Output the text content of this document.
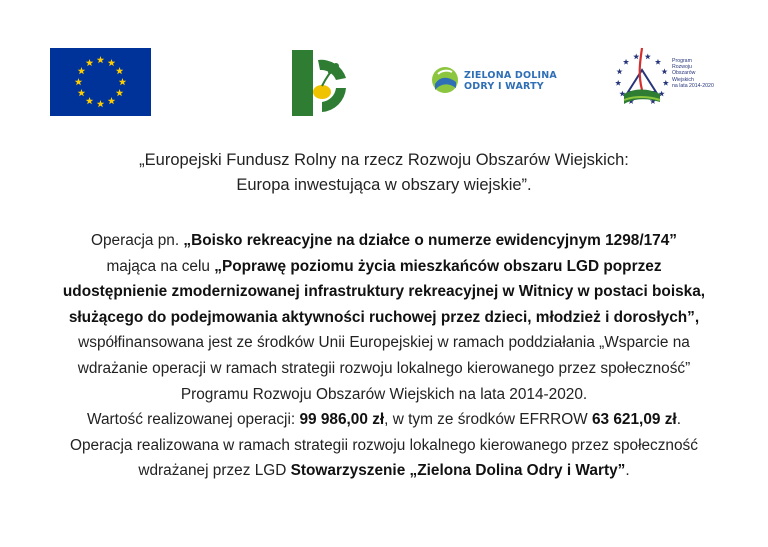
ZIELONA DOLINA
ODRY I WARTY
Program
Rozwoju
Obszarów
Wiejskich
na lata 2014-2020
„Europejski Fundusz Rolny na rzecz Rozwoju Obszarów Wiejskich:
Europa inwestująca w obszary wiejskie”.
Operacja pn. „Boisko rekreacyjne na działce o numerze ewidencyjnym 1298/174”
mająca na celu „Poprawę poziomu życia mieszkańców obszaru LGD poprzez
udostępnienie zmodernizowanej infrastruktury rekreacyjnej w Witnicy w postaci boiska,
służącego do podejmowania aktywności ruchowej przez dzieci, młodzież i dorosłych”,
współfinansowana jest ze środków Unii Europejskiej w ramach poddziałania „Wsparcie na
wdrażanie operacji w ramach strategii rozwoju lokalnego kierowanego przez społeczność”
Programu Rozwoju Obszarów Wiejskich na lata 2014-2020.
Wartość realizowanej operacji: 99 986,00 zł, w tym ze środków EFRROW 63 621,09 zł.
Operacja realizowana w ramach strategii rozwoju lokalnego kierowanego przez społeczność
wdrażanej przez LGD Stowarzyszenie „Zielona Dolina Odry i Warty”.
